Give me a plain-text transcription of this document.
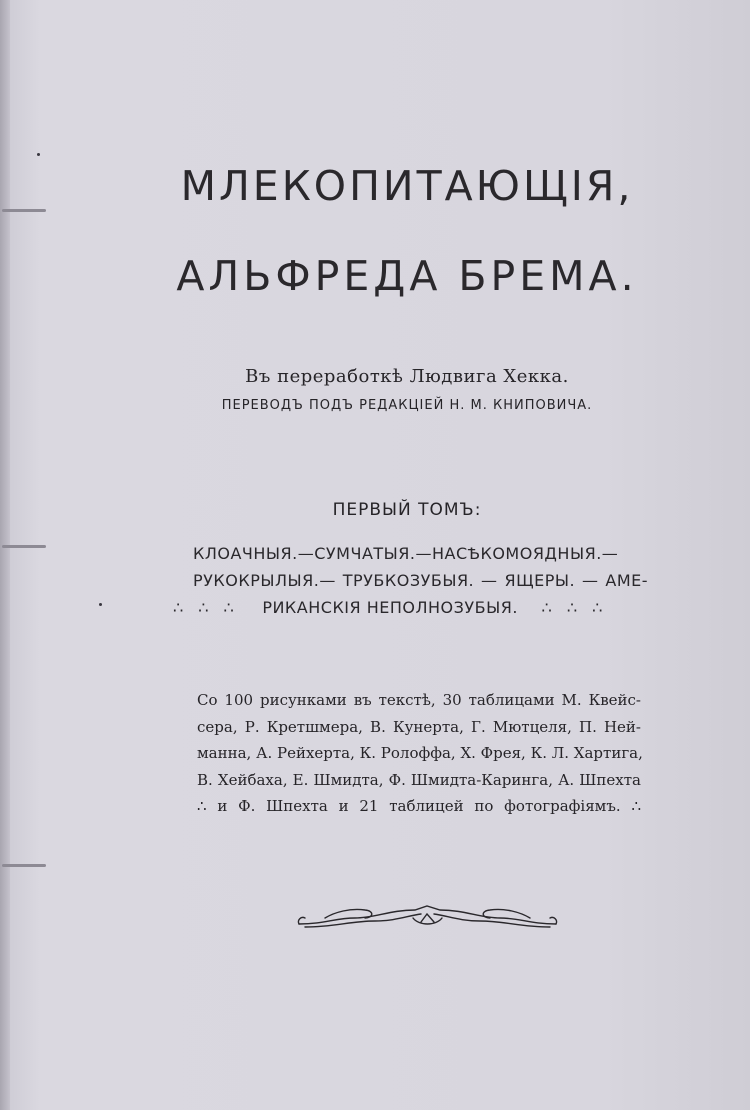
МЛЕКОПИТАЮЩІЯ,
АЛЬФРЕДА БРЕМА.
Въ переработкѣ Людвига Хекка.
ПЕРЕВОДЪ ПОДЪ РЕДАКЦІЕЙ Н. М. КНИПОВИЧА.
ПЕРВЫЙ ТОМЪ:
КЛОАЧНЫЯ.—СУМЧАТЫЯ.—НАСѢКОМОЯДНЫЯ.—
РУКОКРЫЛЫЯ.— ТРУБКОЗУБЫЯ. — ЯЩЕРЫ. — АМЕ-
∴ ∴ ∴ РИКАНСКІЯ НЕПОЛНОЗУБЫЯ. ∴ ∴ ∴
Со 100 рисунками въ текстѣ, 30 таблицами М. Квейс-
сера, Р. Кретшмера, В. Кунерта, Г. Мютцеля, П. Ней-
манна, А. Рейхерта, К. Ролоффа, Х. Фрея, К. Л. Хартига,
В. Хейбаха, Е. Шмидта, Ф. Шмидта-Каринга, А. Шпехта
∴ и Ф. Шпехта и 21 таблицей по фотографіямъ. ∴
